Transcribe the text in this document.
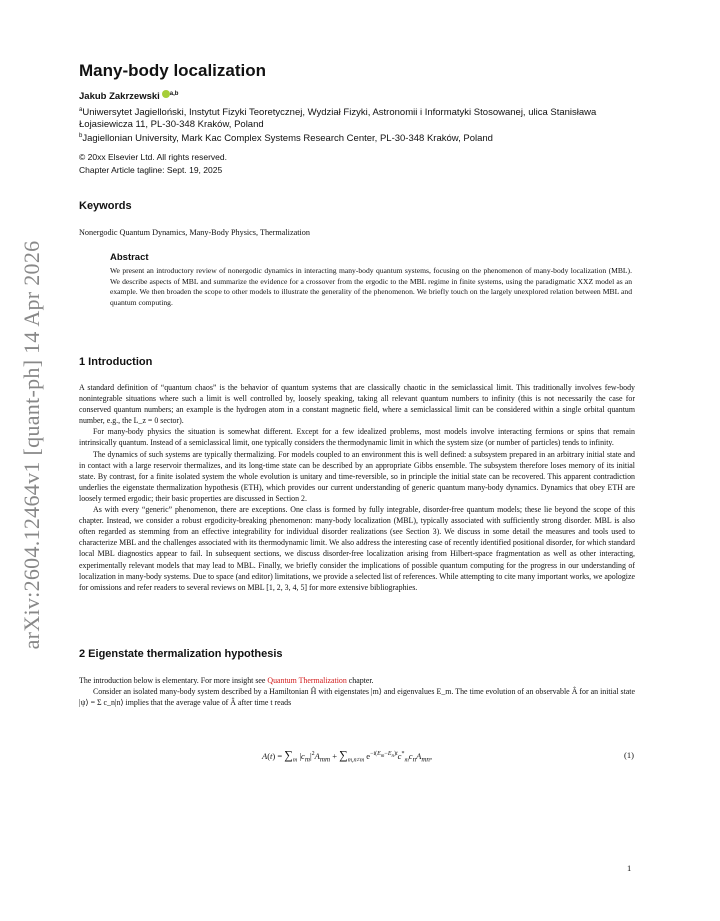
arXiv:2604.12464v1 [quant-ph] 14 Apr 2026
Many-body localization
Jakub Zakrzewski $^{a,b}$
$^a$Uniwersytet Jagielloński, Instytut Fizyki Teoretycznej, Wydział Fizyki, Astronomii i Informatyki Stosowanej, ulica Stanisława Łojasiewicza 11, PL-30-348 Kraków, Poland
$^b$Jagiellonian University, Mark Kac Complex Systems Research Center, PL-30-348 Kraków, Poland
© 20xx Elsevier Ltd. All rights reserved.
Chapter Article tagline: Sept. 19, 2025
Keywords
Nonergodic Quantum Dynamics, Many-Body Physics, Thermalization
Abstract
We present an introductory review of nonergodic dynamics in interacting many-body quantum systems, focusing on the phenomenon of many-body localization (MBL). We describe aspects of MBL and summarize the evidence for a crossover from the ergodic to the MBL regime in finite systems, using the paradigmatic XXZ model as an example. We then broaden the scope to other models to illustrate the generality of the phenomenon. We briefly touch on the largely unexplored relation between MBL and quantum computing.
1 Introduction

A standard definition of “quantum chaos” is the behavior of quantum systems that are classically chaotic in the semiclassical limit. This traditionally involves few-body nonintegrable situations where such a limit is well controlled by, loosely speaking, taking all relevant quantum numbers to infinity (this is not necessarily the case for conserved quantum numbers; an example is the hydrogen atom in a constant magnetic field, where a semiclassical limit can be considered within a single orbital quantum number, e.g., the L_z = 0 sector).

For many-body physics the situation is somewhat different. Except for a few idealized problems, most models involve interacting fermions or spins that remain intrinsically quantum. Instead of a semiclassical limit, one typically considers the thermodynamic limit in which the system size (or number of particles) tends to infinity.

The dynamics of such systems are typically thermalizing. For models coupled to an environment this is well defined: a subsystem prepared in an arbitrary initial state and in contact with a large reservoir thermalizes, and its long-time state can be described by an appropriate Gibbs ensemble. The subsystem therefore loses memory of its initial state. By contrast, for a finite isolated system the whole evolution is unitary and time-reversible, so in principle the initial state can be recovered. This apparent contradiction underlies the eigenstate thermalization hypothesis (ETH), which provides our current understanding of generic quantum many-body dynamics. Dynamics that obey ETH are loosely termed ergodic; their basic properties are discussed in Section 2.

As with every “generic” phenomenon, there are exceptions. One class is formed by fully integrable, disorder-free quantum models; these lie beyond the scope of this chapter. Instead, we consider a robust ergodicity-breaking phenomenon: many-body localization (MBL), typically associated with sufficiently strong disorder. MBL is also often regarded as stemming from an effective integrability for individual disorder realizations (see Section 3). We discuss in some detail the measures and tools used to characterize MBL and the challenges associated with its thermodynamic limit. We also address the interesting case of recently identified positional disorder, for which standard local MBL diagnostics appear to fail. In subsequent sections, we discuss disorder-free localization arising from Hilbert-space fragmentation as well as other interacting, experimentally relevant models that may lead to MBL. Finally, we briefly consider the implications of possible quantum computing for the progress in our understanding of localization in many-body systems. Due to space (and editor) limitations, we provide a selected list of references. While attempting to cite many important works, we apologize for omissions and refer readers to several reviews on MBL [1, 2, 3, 4, 5] for more extensive bibliographies.

2 Eigenstate thermalization hypothesis

The introduction below is elementary. For more insight see Quantum Thermalization chapter.

Consider an isolated many-body system described by a Hamiltonian Ĥ with eigenstates |m⟩ and eigenvalues E_m. The time evolution of an observable Â for an initial state |ψ⟩ = Σ c_n|n⟩ implies that the average value of Â after time t reads

$A(t) = \sum_m$ $|c_m|^2A_{mm} + \sum_{m,n\ne m}$ $e^{-i(E_m-E_n)t}c^*_mc_nA_{mn}$,	(1)
1
